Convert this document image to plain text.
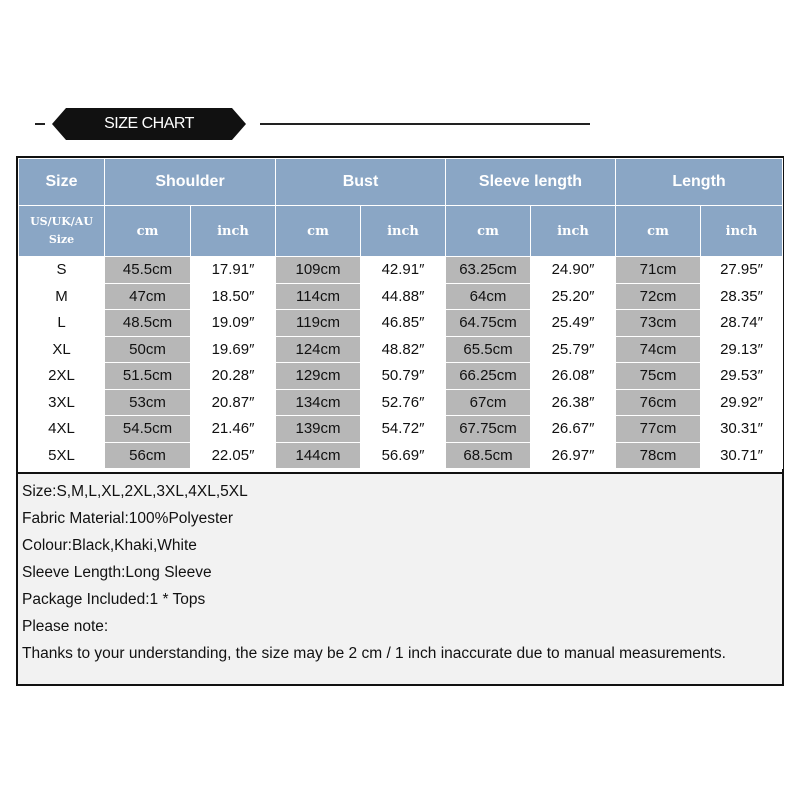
SIZE CHART
Size	Shoulder		Bust		Sleeve length		Length	
US/UK/AU Size	cm	inch	cm	inch	cm	inch	cm	inch
S	45.5cm	17.91″	109cm	42.91″	63.25cm	24.90″	71cm	27.95″
M	47cm	18.50″	114cm	44.88″	64cm	25.20″	72cm	28.35″
L	48.5cm	19.09″	119cm	46.85″	64.75cm	25.49″	73cm	28.74″
XL	50cm	19.69″	124cm	48.82″	65.5cm	25.79″	74cm	29.13″
2XL	51.5cm	20.28″	129cm	50.79″	66.25cm	26.08″	75cm	29.53″
3XL	53cm	20.87″	134cm	52.76″	67cm	26.38″	76cm	29.92″
4XL	54.5cm	21.46″	139cm	54.72″	67.75cm	26.67″	77cm	30.31″
5XL	56cm	22.05″	144cm	56.69″	68.5cm	26.97″	78cm	30.71″
Size:S,M,L,XL,2XL,3XL,4XL,5XL
Fabric Material:100%Polyester
Colour:Black,Khaki,White
Sleeve Length:Long Sleeve
Package Included:1 * Tops
Please note:
Thanks to your understanding, the size may be 2 cm / 1 inch inaccurate due to manual measurements.
